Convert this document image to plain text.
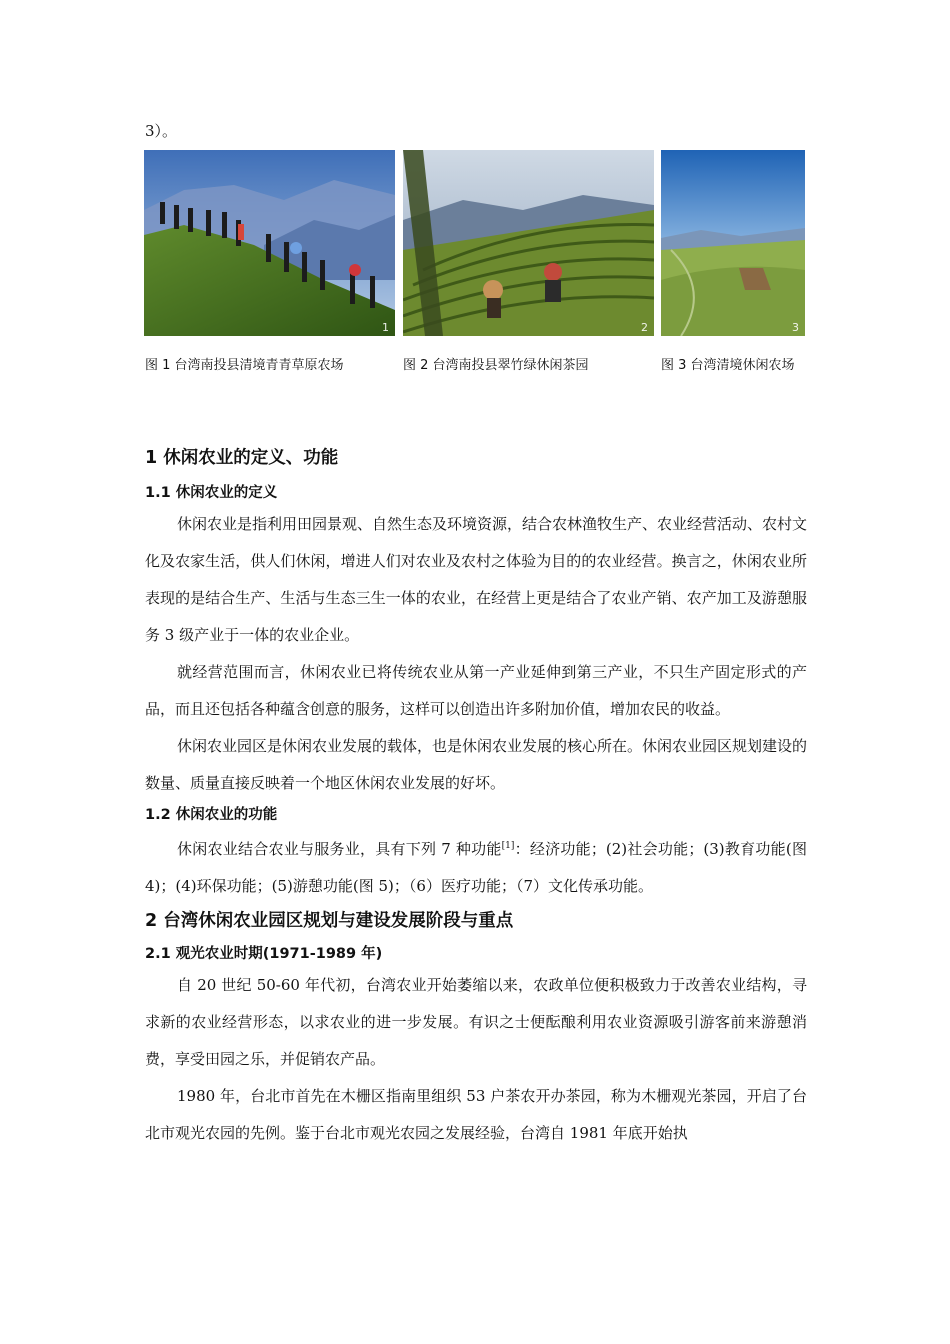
3）。
1	2	3
图 1 台湾南投县清境青青草原农场	图 2 台湾南投县翠竹绿休闲茶园	图 3 台湾清境休闲农场
1 休闲农业的定义、功能
1.1 休闲农业的定义

休闲农业是指利用田园景观、自然生态及环境资源，结合农林渔牧生产、农业经营活动、农村文化及农家生活，供人们休闲，增进人们对农业及农村之体验为目的的农业经营。换言之，休闲农业所表现的是结合生产、生活与生态三生一体的农业，在经营上更是结合了农业产销、农产加工及游憩服务 3 级产业于一体的农业企业。

就经营范围而言，休闲农业已将传统农业从第一产业延伸到第三产业，不只生产固定形式的产品，而且还包括各种蕴含创意的服务，这样可以创造出许多附加价值，增加农民的收益。

休闲农业园区是休闲农业发展的载体，也是休闲农业发展的核心所在。休闲农业园区规划建设的数量、质量直接反映着一个地区休闲农业发展的好坏。

1.2 休闲农业的功能

休闲农业结合农业与服务业，具有下列 7 种功能[1]：经济功能；(2)社会功能；(3)教育功能(图 4)；(4)环保功能；(5)游憩功能(图 5)；（6）医疗功能；（7）文化传承功能。

2 台湾休闲农业园区规划与建设发展阶段与重点
2.1 观光农业时期(1971-1989 年)

自 20 世纪 50-60 年代初，台湾农业开始萎缩以来，农政单位便积极致力于改善农业结构，寻求新的农业经营形态，以求农业的进一步发展。有识之士便酝酿利用农业资源吸引游客前来游憩消费，享受田园之乐，并促销农产品。

1980 年，台北市首先在木栅区指南里组织 53 户茶农开办茶园，称为木栅观光茶园，开启了台北市观光农园的先例。鉴于台北市观光农园之发展经验，台湾自 1981 年底开始执
